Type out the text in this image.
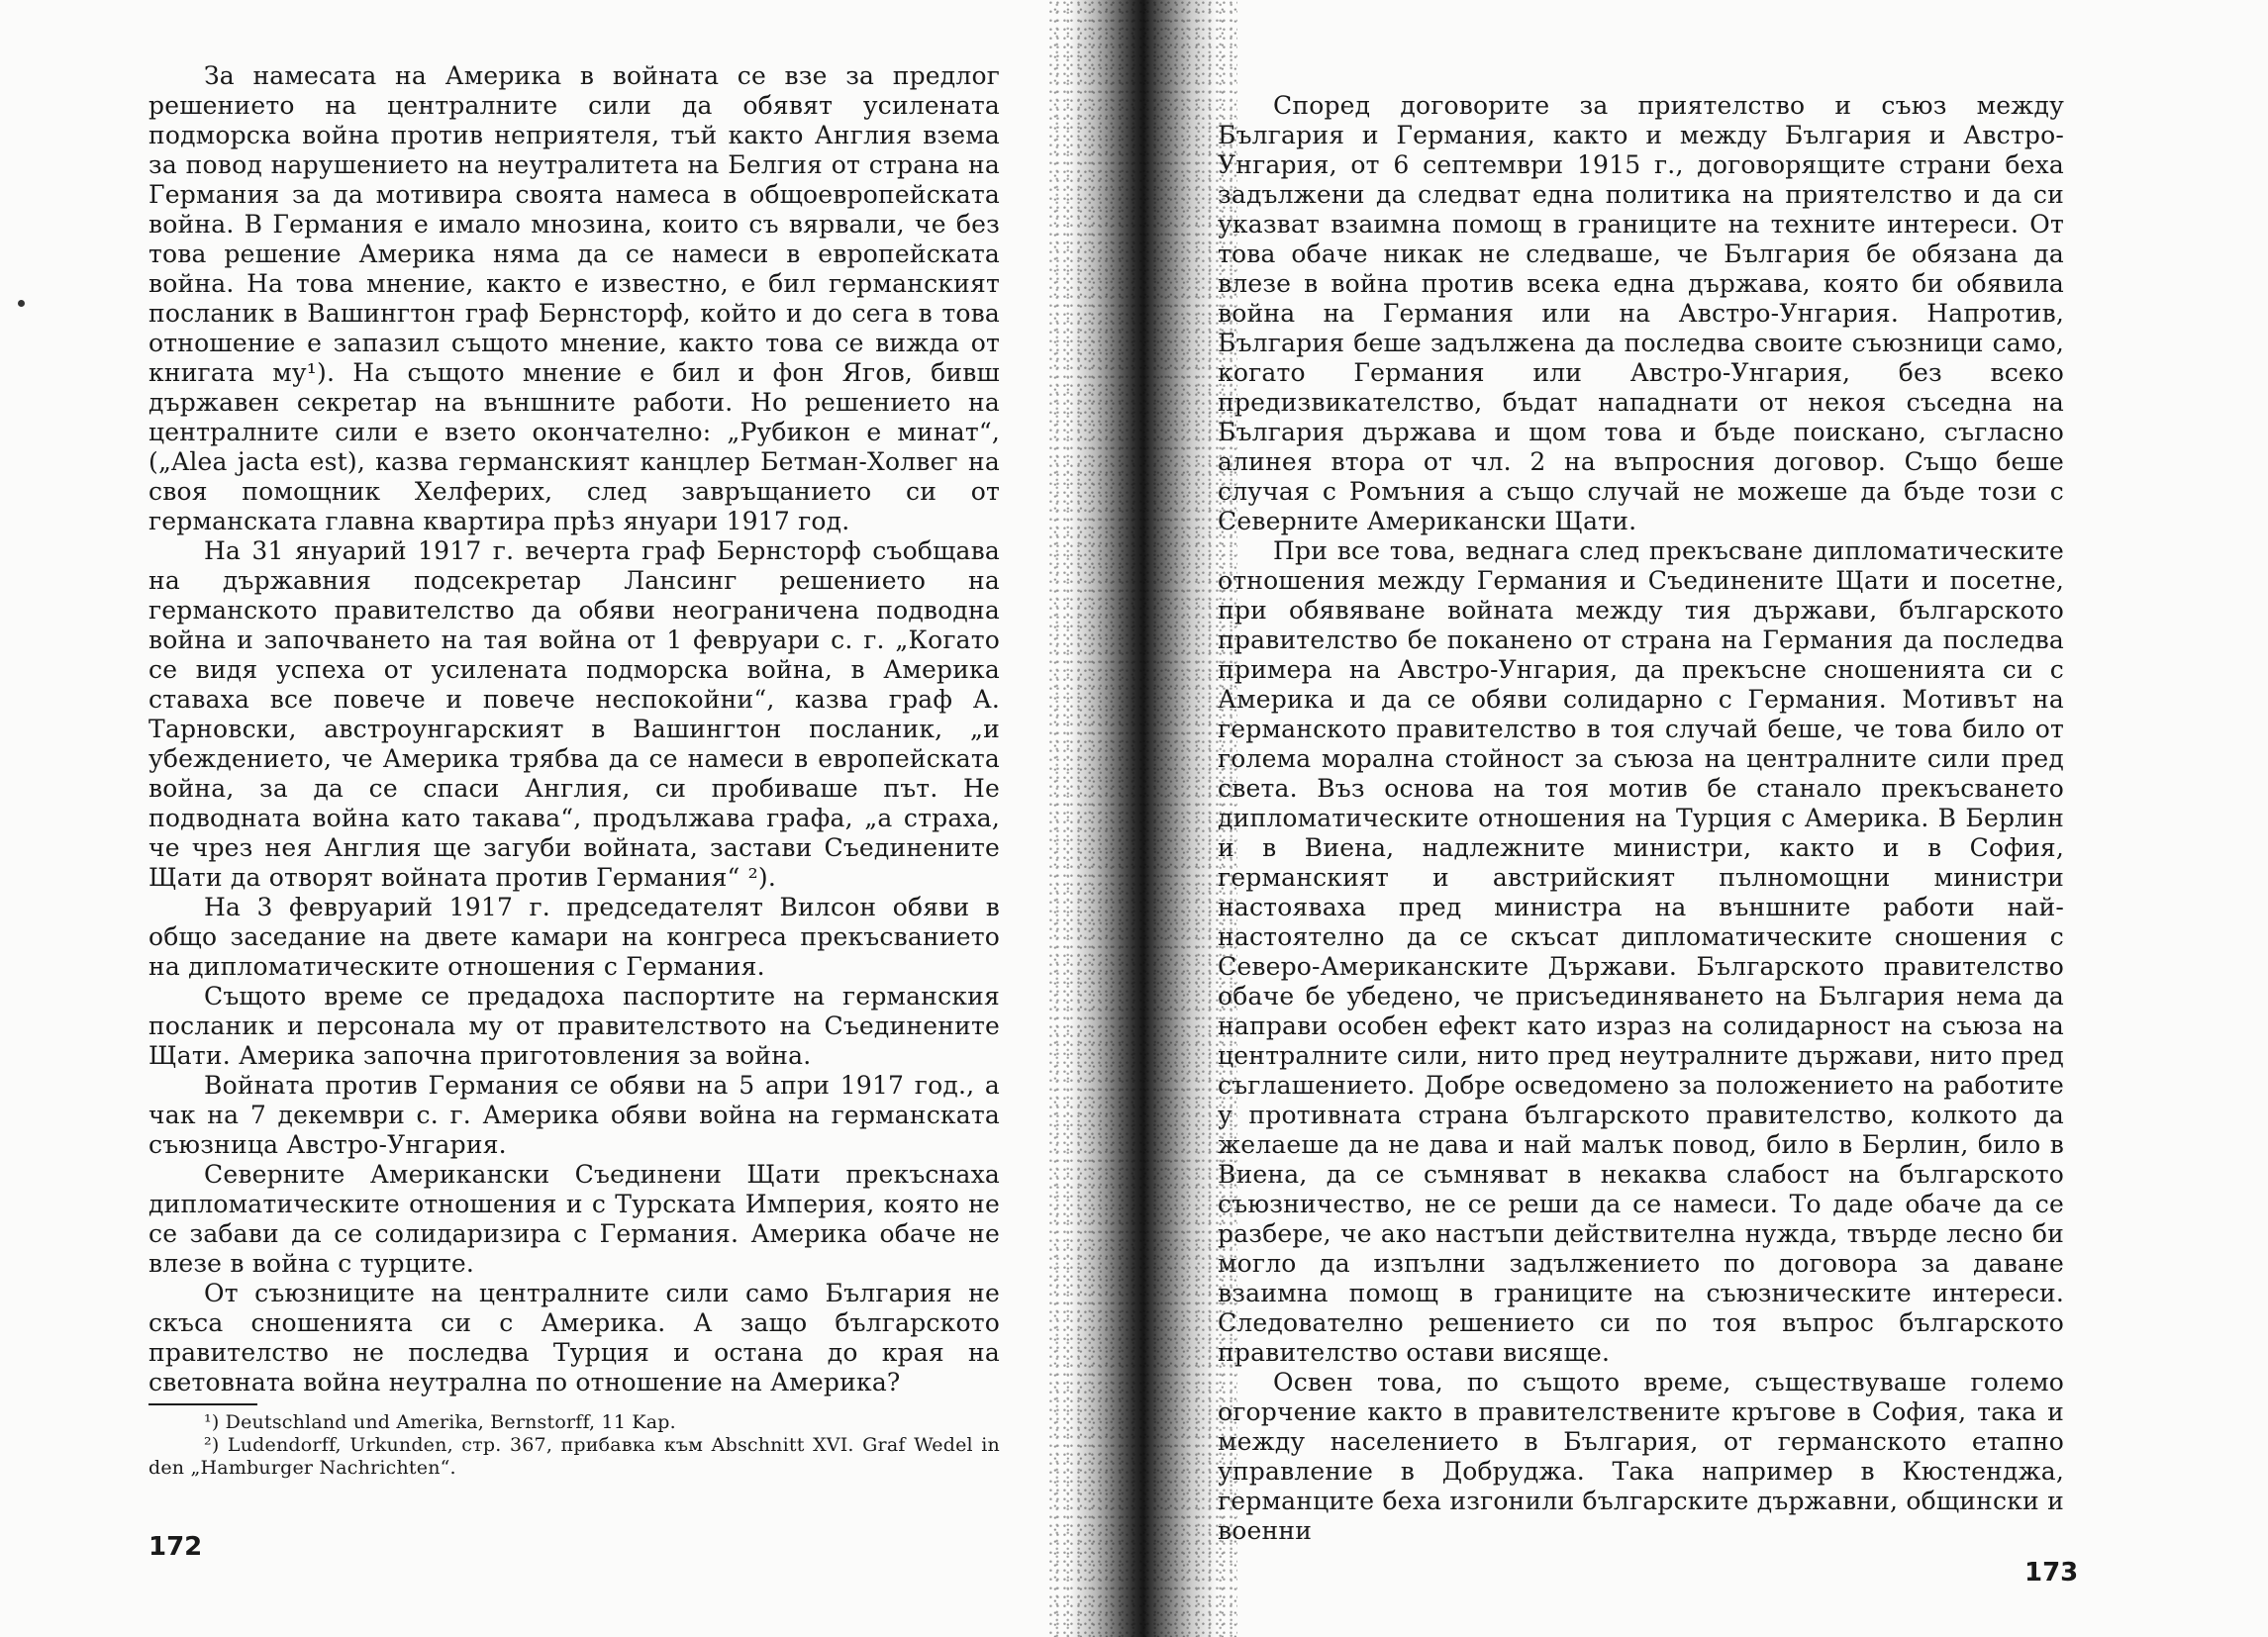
За намесата на Америка в войната се взе за предлог решението на централните сили да обявят усилената подморска война против неприятеля, тъй както Англия взема за повод нарушението на неутралитета на Белгия от страна на Германия за да мотивира своята намеса в общоевропейската война. В Германия е имало мнозина, които съ вярвали, че без това решение Америка няма да се намеси в европейската война. На това мнение, както е известно, е бил германският посланик в Вашингтон граф Бернсторф, който и до сега в това отношение е запазил същото мнение, както това се вижда от книгата му¹). На същото мнение е бил и фон Ягов, бивш държавен секретар на външните работи. Но решението на централните сили е взето окончателно: „Рубикон е минат“, („Alea jacta est), казва германският канцлер Бетман-Холвег на своя помощник Хелферих, след завръщанието си от германската главна квартира прѣз януари 1917 год.

На 31 януарий 1917 г. вечерта граф Бернсторф съобщава на държавния подсекретар Лансинг решението на германското правителство да обяви неограничена подводна война и започването на тая война от 1 февруари с. г. „Когато се видя успеха от усилената подморска война, в Америка ставаха все повече и повече неспокойни“, казва граф А. Тарновски, австроунгарският в Вашингтон посланик, „и убеждението, че Америка трябва да се намеси в европейската война, за да се спаси Англия, си пробиваше път. Не подводната война като такава“, продължава графа, „а страха, че чрез нея Англия ще загуби войната, застави Съединените Щати да отворят войната против Германия“ ²).

На 3 февруарий 1917 г. председателят Вилсон обяви в общо заседание на двете камари на конгреса прекъсванието на дипломатическите отношения с Германия.

Същото време се предадоха паспортите на германския посланик и персонала му от правителството на Съединените Щати. Америка започна приготовления за война.

Войната против Германия се обяви на 5 апри 1917 год., а чак на 7 декември с. г. Америка обяви война на германската съюзница Австро-Унгария.

Северните Американски Съединени Щати прекъснаха дипломатическите отношения и с Турската Империя, която не се забави да се солидаризира с Германия. Америка обаче не влезе в война с турците.

От съюзниците на централните сили само България не скъса сношенията си с Америка. А защо българското правителство не последва Турция и остана до края на световната война неутрална по отношение на Америка?

¹) Deutschland und Amerika, Bernstorff, 11 Kap.

²) Ludendorff, Urkunden, стр. 367, прибавка към Abschnitt XVI. Graf Wedel in den „Hamburger Nachrichten“.

172

Според договорите за приятелство и съюз между България и Германия, както и между България и Австро-Унгария, от 6 септември 1915 г., договорящите страни беха задължени да следват една политика на приятелство и да си указват взаимна помощ в границите на техните интереси. От това обаче никак не следваше, че България бе обязана да влезе в война против всека една държава, която би обявила война на Германия или на Австро-Унгария. Напротив, България беше задължена да последва своите съюзници само, когато Германия или Австро-Унгария, без всеко предизвикателство, бъдат нападнати от некоя съседна на България държава и щом това и бъде поискано, съгласно алинея втора от чл. 2 на въпросния договор. Също беше случая с Ромъния а също случай не можеше да бъде този с Северните Американски Щати.

При все това, веднага след прекъсване дипломатическите отношения между Германия и Съединените Щати и посетне, при обявяване войната между тия държави, българското правителство бе поканено от страна на Германия да последва примера на Австро-Унгария, да прекъсне сношенията си с Америка и да се обяви солидарно с Германия. Мотивът на германското правителство в тоя случай беше, че това било от голема морална стойност за съюза на централните сили пред света. Въз основа на тоя мотив бе станало прекъсването дипломатическите отношения на Турция с Америка. В Берлин и в Виена, надлежните министри, както и в София, германският и австрийският пълномощни министри настояваха пред министра на външните работи най-настоятелно да се скъсат дипломатическите сношения с Северо-Американските Държави. Българското правителство обаче бе убедено, че присъединяването на България нема да направи особен ефект като израз на солидарност на съюза на централните сили, нито пред неутралните държави, нито пред съглашението. Добре осведомено за положението на работите у противната страна българското правителство, колкото да желаеше да не дава и най малък повод, било в Берлин, било в Виена, да се съмняват в некаква слабост на българското съюзничество, не се реши да се намеси. То даде обаче да се разбере, че ако настъпи действителна нужда, твърде лесно би могло да изпълни задължението по договора за даване взаимна помощ в границите на съюзническите интереси. Следователно решението си по тоя въпрос българското правителство остави висяще.

Освен това, по същото време, съществуваше големо огорчение както в правителствените кръгове в София, така и между населението в България, от германското етапно управление в Добруджа. Така например в Кюстенджа, германците беха изгонили българските държавни, общински и военни

173
